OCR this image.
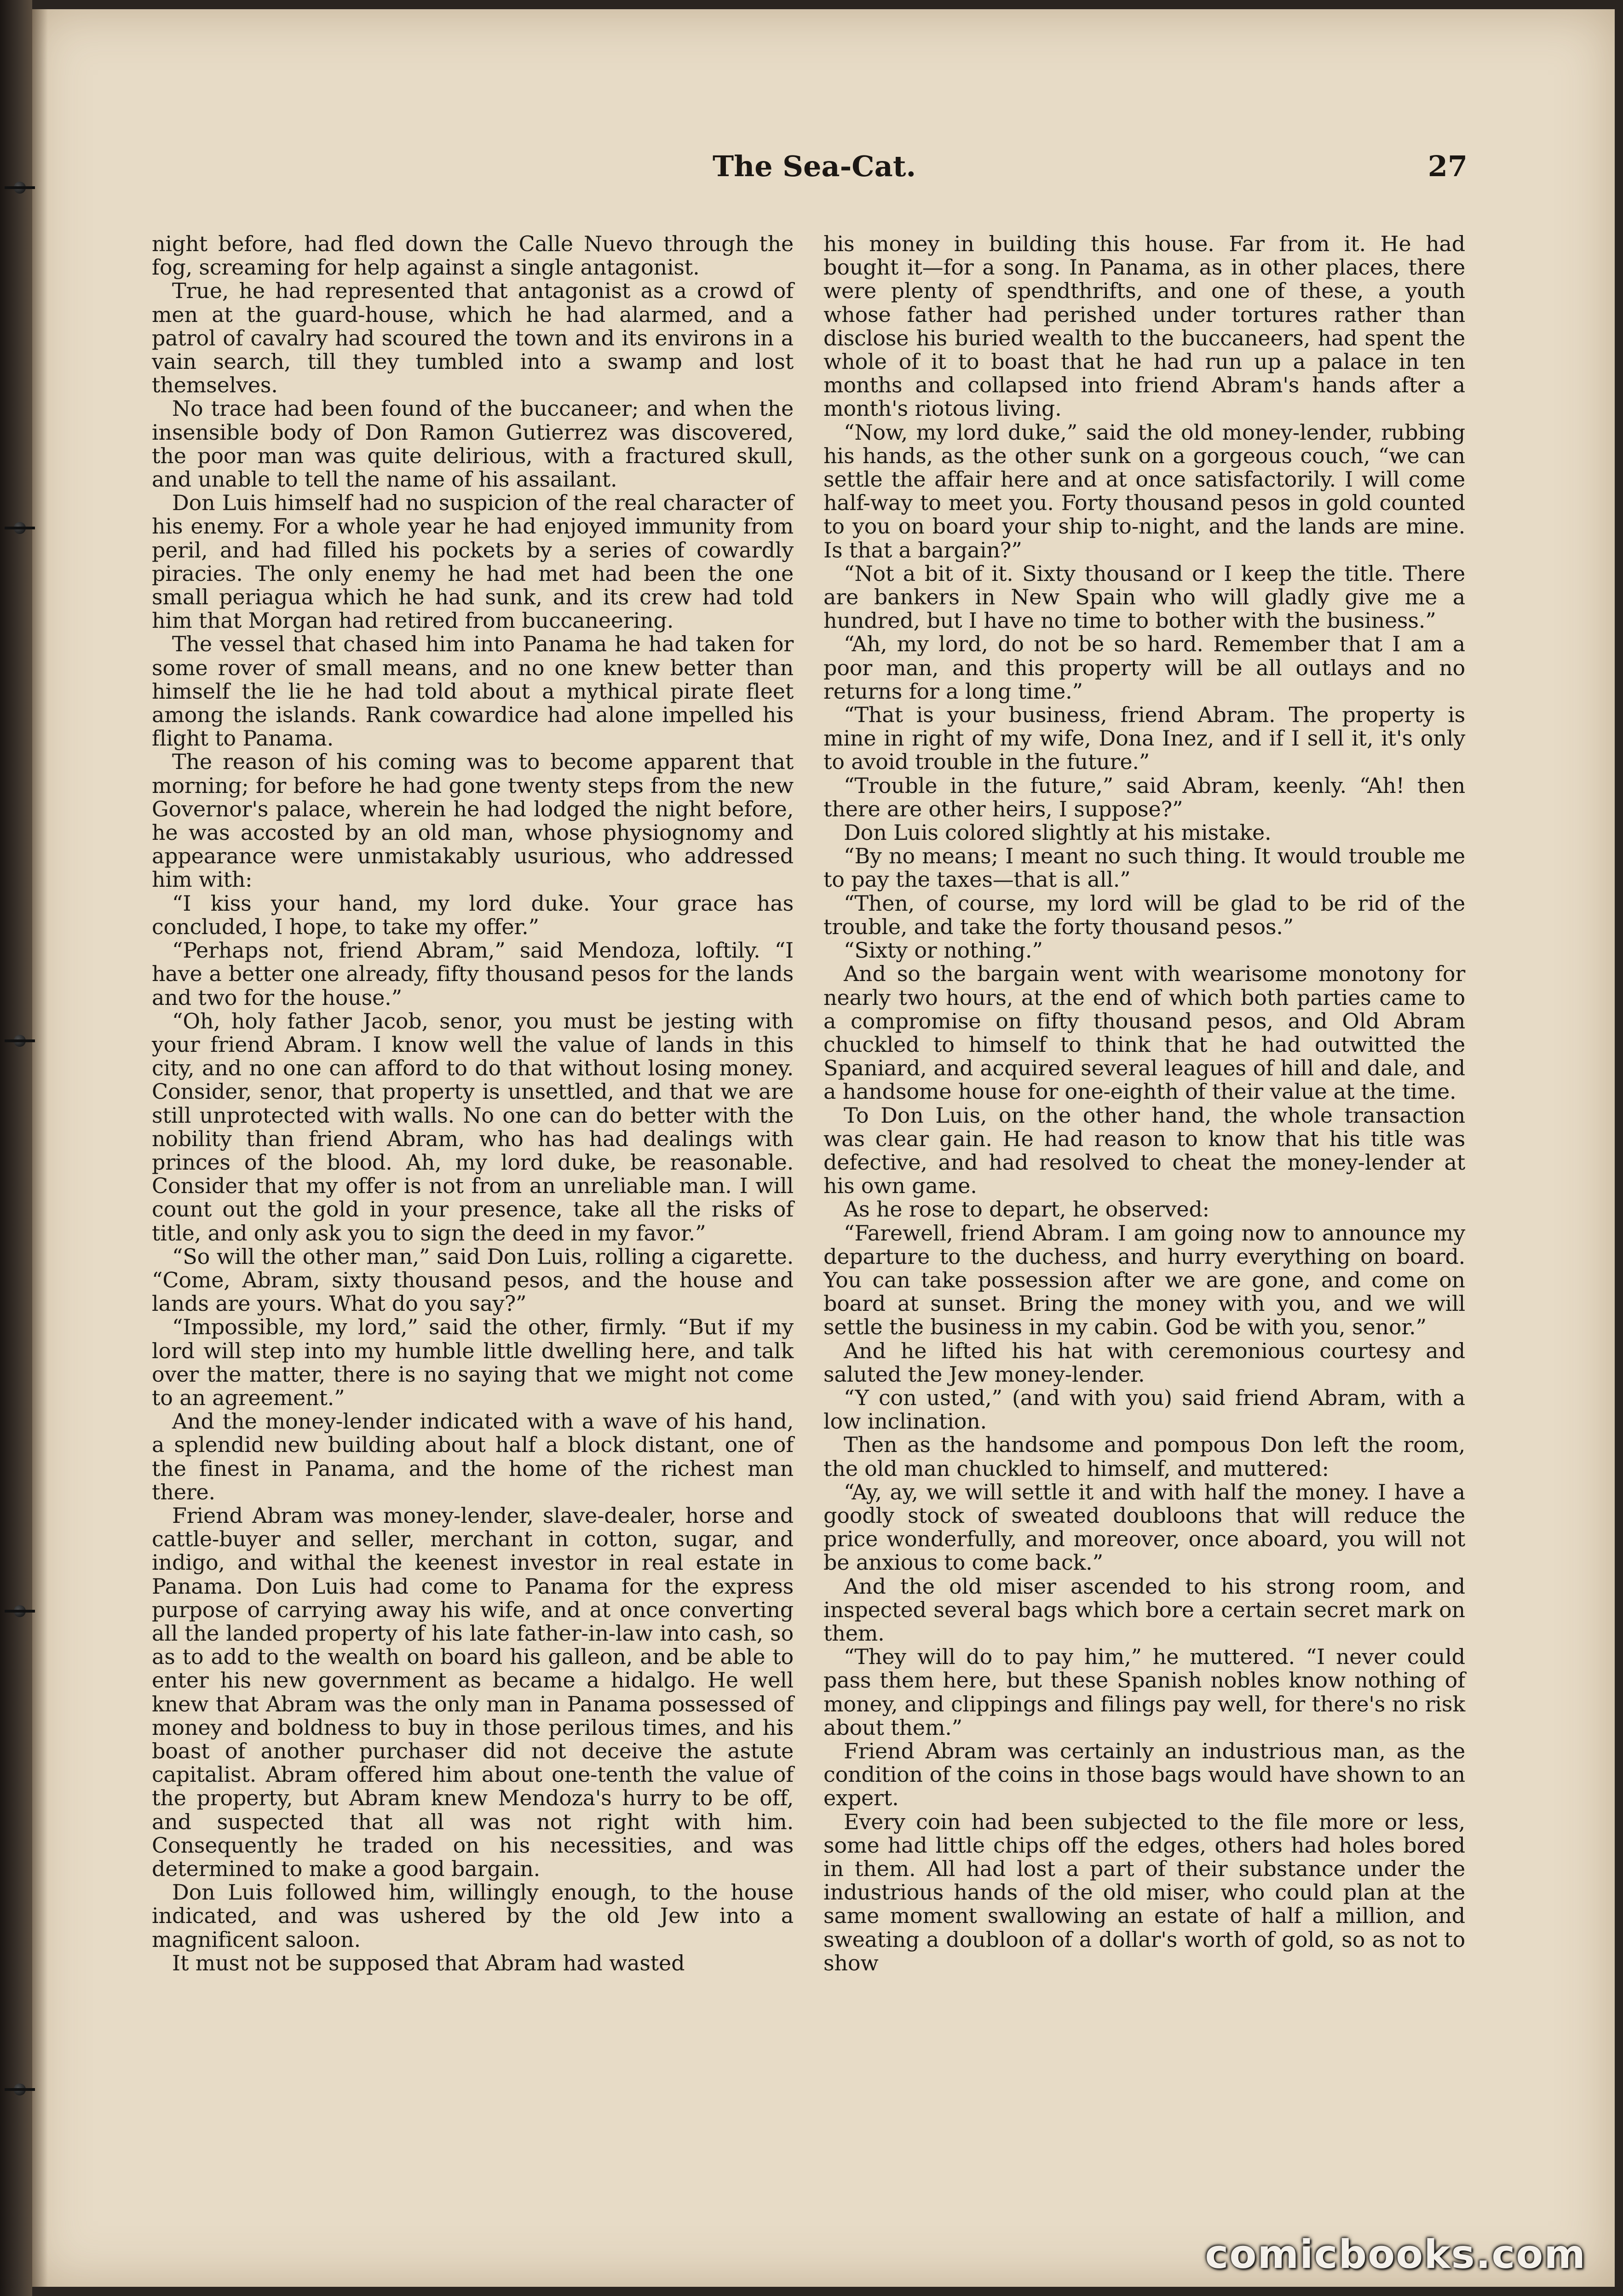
The Sea-Cat.	27

night before, had fled down the Calle Nuevo through the fog, screaming for help against a single antagonist.

True, he had represented that antagonist as a crowd of men at the guard-house, which he had alarmed, and a patrol of cavalry had scoured the town and its environs in a vain search, till they tumbled into a swamp and lost themselves.

No trace had been found of the buccaneer; and when the insensible body of Don Ramon Gutierrez was discovered, the poor man was quite delirious, with a fractured skull, and unable to tell the name of his assailant.

Don Luis himself had no suspicion of the real character of his enemy. For a whole year he had enjoyed immunity from peril, and had filled his pockets by a series of cowardly piracies. The only enemy he had met had been the one small periagua which he had sunk, and its crew had told him that Morgan had retired from buccaneering.

The vessel that chased him into Panama he had taken for some rover of small means, and no one knew better than himself the lie he had told about a mythical pirate fleet among the islands. Rank cowardice had alone impelled his flight to Panama.

The reason of his coming was to become apparent that morning; for before he had gone twenty steps from the new Governor's palace, wherein he had lodged the night before, he was accosted by an old man, whose physiognomy and appearance were unmistakably usurious, who addressed him with:

“I kiss your hand, my lord duke. Your grace has concluded, I hope, to take my offer.”

“Perhaps not, friend Abram,” said Mendoza, loftily. “I have a better one already, fifty thousand pesos for the lands and two for the house.”

“Oh, holy father Jacob, senor, you must be jesting with your friend Abram. I know well the value of lands in this city, and no one can afford to do that without losing money. Consider, senor, that property is unsettled, and that we are still unprotected with walls. No one can do better with the nobility than friend Abram, who has had dealings with princes of the blood. Ah, my lord duke, be reasonable. Consider that my offer is not from an unreliable man. I will count out the gold in your presence, take all the risks of title, and only ask you to sign the deed in my favor.”

“So will the other man,” said Don Luis, rolling a cigarette. “Come, Abram, sixty thousand pesos, and the house and lands are yours. What do you say?”

“Impossible, my lord,” said the other, firmly. “But if my lord will step into my humble little dwelling here, and talk over the matter, there is no saying that we might not come to an agreement.”

And the money-lender indicated with a wave of his hand, a splendid new building about half a block distant, one of the finest in Panama, and the home of the richest man there.

Friend Abram was money-lender, slave-dealer, horse and cattle-buyer and seller, merchant in cotton, sugar, and indigo, and withal the keenest investor in real estate in Panama. Don Luis had come to Panama for the express purpose of carrying away his wife, and at once converting all the landed property of his late father-in-law into cash, so as to add to the wealth on board his galleon, and be able to enter his new government as became a hidalgo. He well knew that Abram was the only man in Panama possessed of money and boldness to buy in those perilous times, and his boast of another purchaser did not deceive the astute capitalist. Abram offered him about one-tenth the value of the property, but Abram knew Mendoza's hurry to be off, and suspected that all was not right with him. Consequently he traded on his necessities, and was determined to make a good bargain.

Don Luis followed him, willingly enough, to the house indicated, and was ushered by the old Jew into a magnificent saloon.

It must not be supposed that Abram had wasted

his money in building this house. Far from it. He had bought it—for a song. In Panama, as in other places, there were plenty of spendthrifts, and one of these, a youth whose father had perished under tortures rather than disclose his buried wealth to the buccaneers, had spent the whole of it to boast that he had run up a palace in ten months and collapsed into friend Abram's hands after a month's riotous living.

“Now, my lord duke,” said the old money-lender, rubbing his hands, as the other sunk on a gorgeous couch, “we can settle the affair here and at once satisfactorily. I will come half-way to meet you. Forty thousand pesos in gold counted to you on board your ship to-night, and the lands are mine. Is that a bargain?”

“Not a bit of it. Sixty thousand or I keep the title. There are bankers in New Spain who will gladly give me a hundred, but I have no time to bother with the business.”

“Ah, my lord, do not be so hard. Remember that I am a poor man, and this property will be all outlays and no returns for a long time.”

“That is your business, friend Abram. The property is mine in right of my wife, Dona Inez, and if I sell it, it's only to avoid trouble in the future.”

“Trouble in the future,” said Abram, keenly. “Ah! then there are other heirs, I suppose?”

Don Luis colored slightly at his mistake.

“By no means; I meant no such thing. It would trouble me to pay the taxes—that is all.”

“Then, of course, my lord will be glad to be rid of the trouble, and take the forty thousand pesos.”

“Sixty or nothing.”

And so the bargain went with wearisome monotony for nearly two hours, at the end of which both parties came to a compromise on fifty thousand pesos, and Old Abram chuckled to himself to think that he had outwitted the Spaniard, and acquired several leagues of hill and dale, and a handsome house for one-eighth of their value at the time.

To Don Luis, on the other hand, the whole transaction was clear gain. He had reason to know that his title was defective, and had resolved to cheat the money-lender at his own game.

As he rose to depart, he observed:

“Farewell, friend Abram. I am going now to announce my departure to the duchess, and hurry everything on board. You can take possession after we are gone, and come on board at sunset. Bring the money with you, and we will settle the business in my cabin. God be with you, senor.”

And he lifted his hat with ceremonious courtesy and saluted the Jew money-lender.

“Y con usted,” (and with you) said friend Abram, with a low inclination.

Then as the handsome and pompous Don left the room, the old man chuckled to himself, and muttered:

“Ay, ay, we will settle it and with half the money. I have a goodly stock of sweated doubloons that will reduce the price wonderfully, and moreover, once aboard, you will not be anxious to come back.”

And the old miser ascended to his strong room, and inspected several bags which bore a certain secret mark on them.

“They will do to pay him,” he muttered. “I never could pass them here, but these Spanish nobles know nothing of money, and clippings and filings pay well, for there's no risk about them.”

Friend Abram was certainly an industrious man, as the condition of the coins in those bags would have shown to an expert.

Every coin had been subjected to the file more or less, some had little chips off the edges, others had holes bored in them. All had lost a part of their substance under the industrious hands of the old miser, who could plan at the same moment swallowing an estate of half a million, and sweating a doubloon of a dollar's worth of gold, so as not to show

comicbooks.com
